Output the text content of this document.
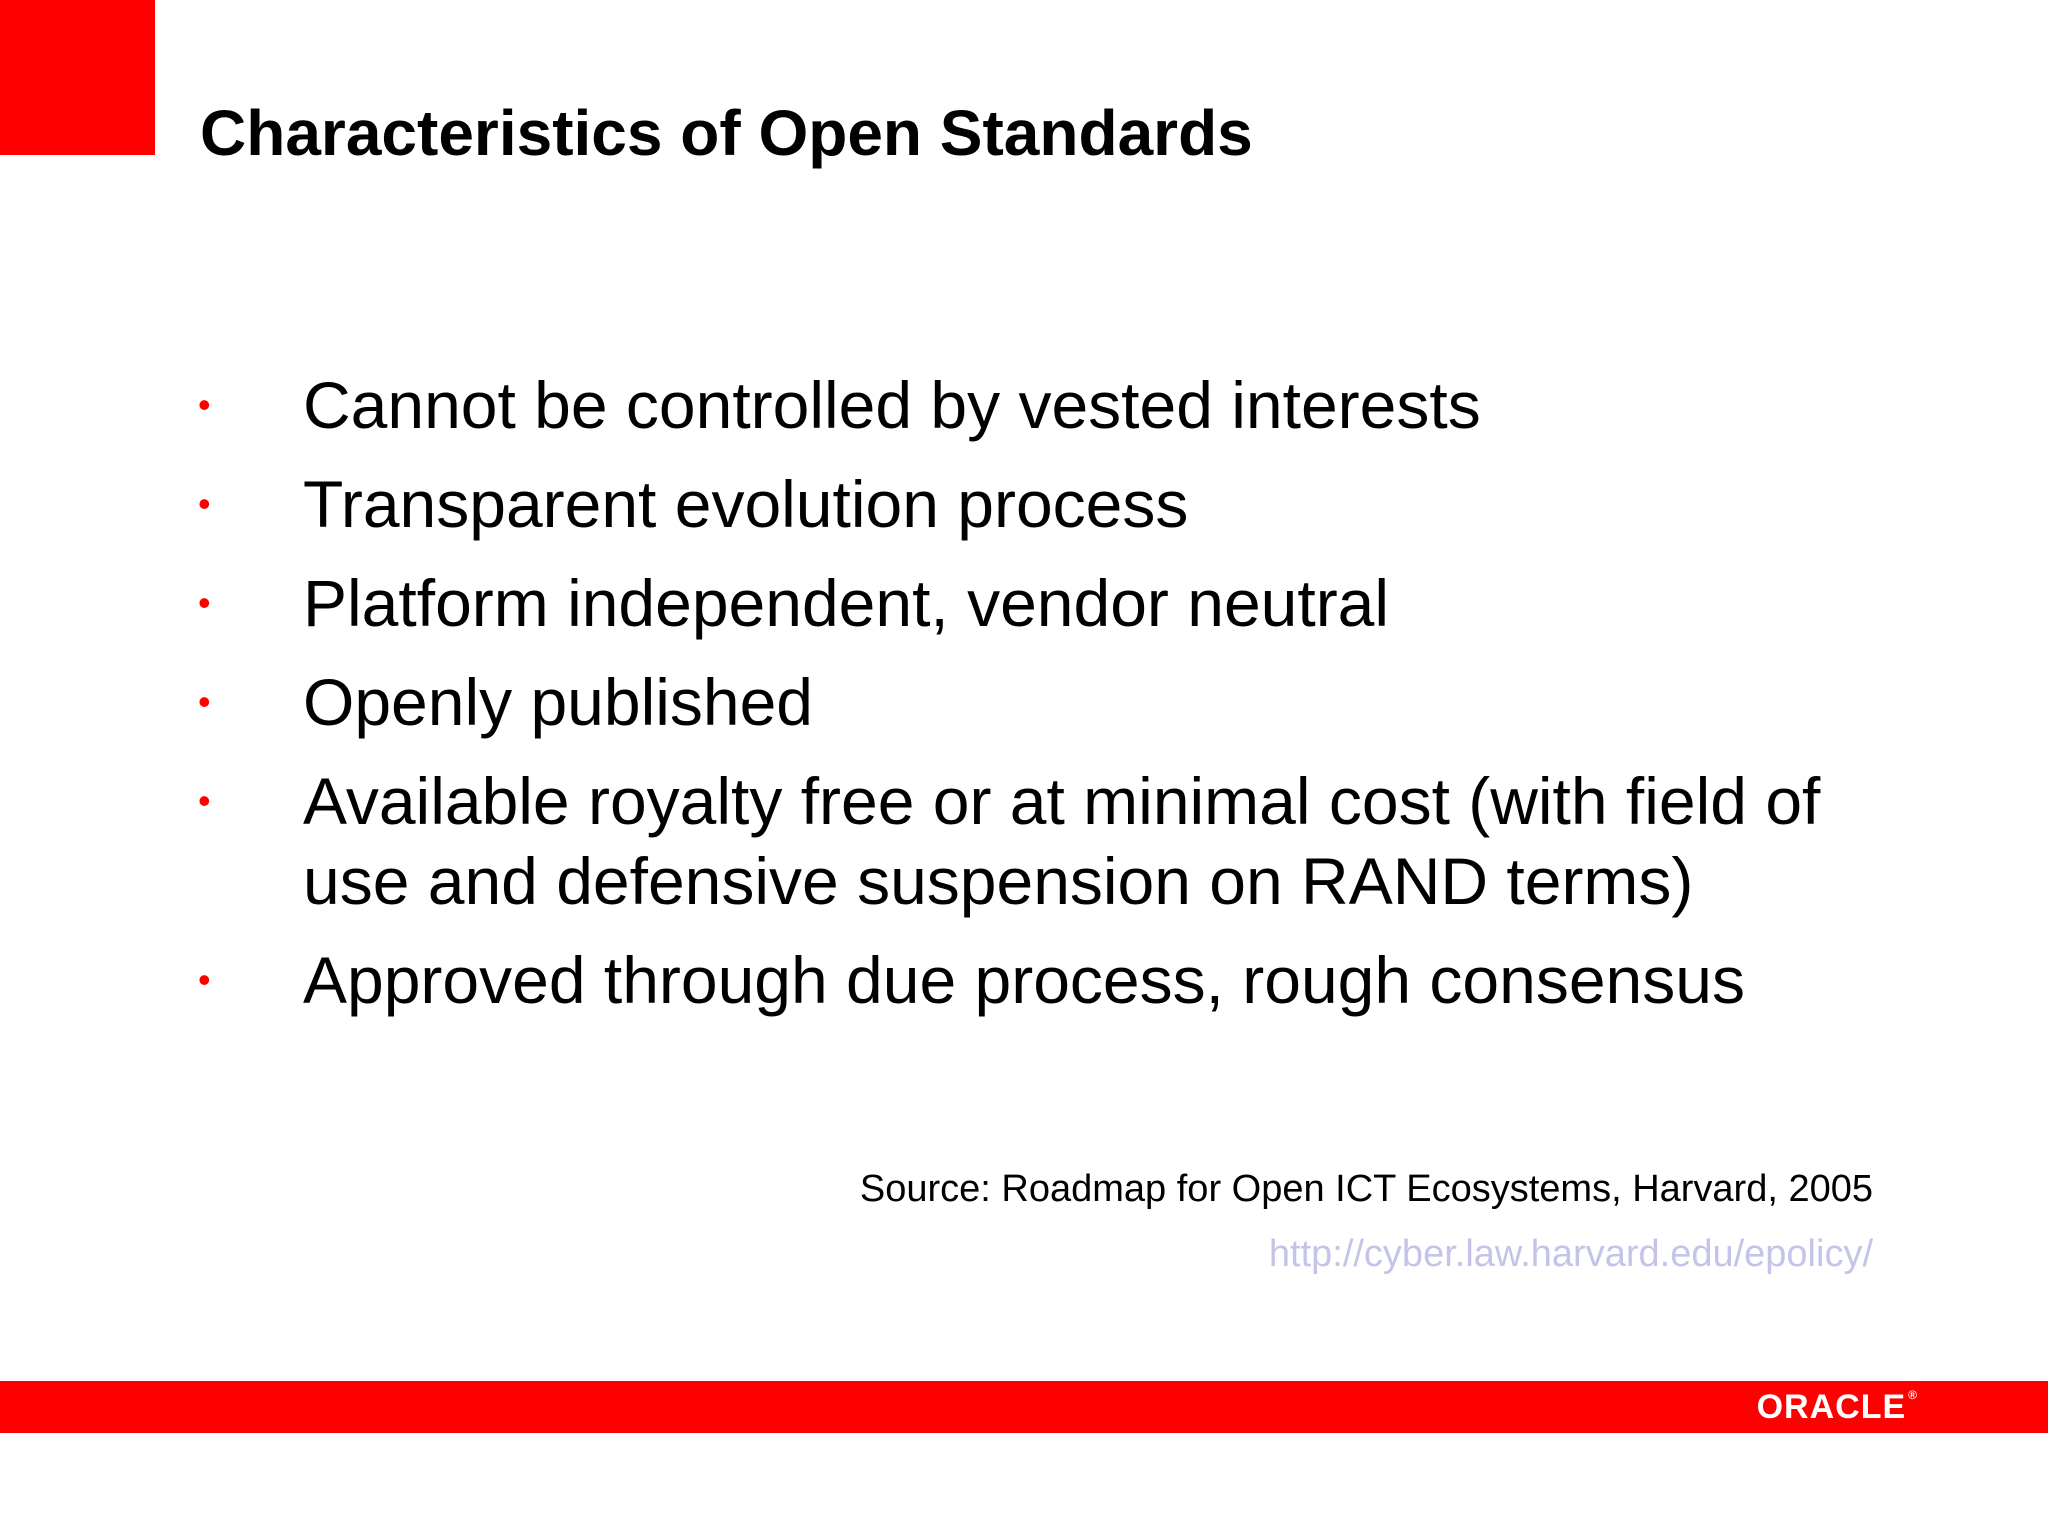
Characteristics of Open Standards
•	Cannot be controlled by vested interests
•	Transparent evolution process
•	Platform independent, vendor neutral
•	Openly published
•	Available royalty free or at minimal cost (with field of use and defensive suspension on RAND terms)
•	Approved through due process, rough consensus
Source: Roadmap for Open ICT Ecosystems, Harvard, 2005
http://cyber.law.harvard.edu/epolicy/
ORACLE ®
